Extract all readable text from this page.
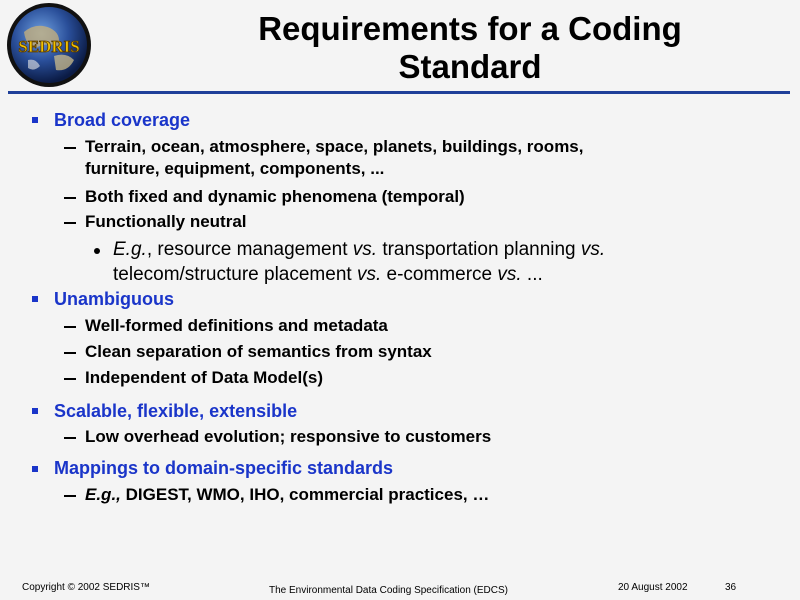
SEDRIS	Requirements for a Coding
Standard
Broad coverage
Terrain, ocean, atmosphere, space, planets, buildings, rooms,
furniture, equipment, components, ...
Both fixed and dynamic phenomena (temporal)
Functionally neutral
E.g., resource management vs. transportation planning vs.
telecom/structure placement vs. e-commerce vs. ...
Unambiguous
Well-formed definitions and metadata
Clean separation of semantics from syntax
Independent of Data Model(s)
Scalable, flexible, extensible
Low overhead evolution; responsive to customers
Mappings to domain-specific standards
E.g., DIGEST, WMO, IHO, commercial practices, …
Copyright © 2002 SEDRIS™	The Environmental Data Coding Specification (EDCS)	20 August 2002	36
